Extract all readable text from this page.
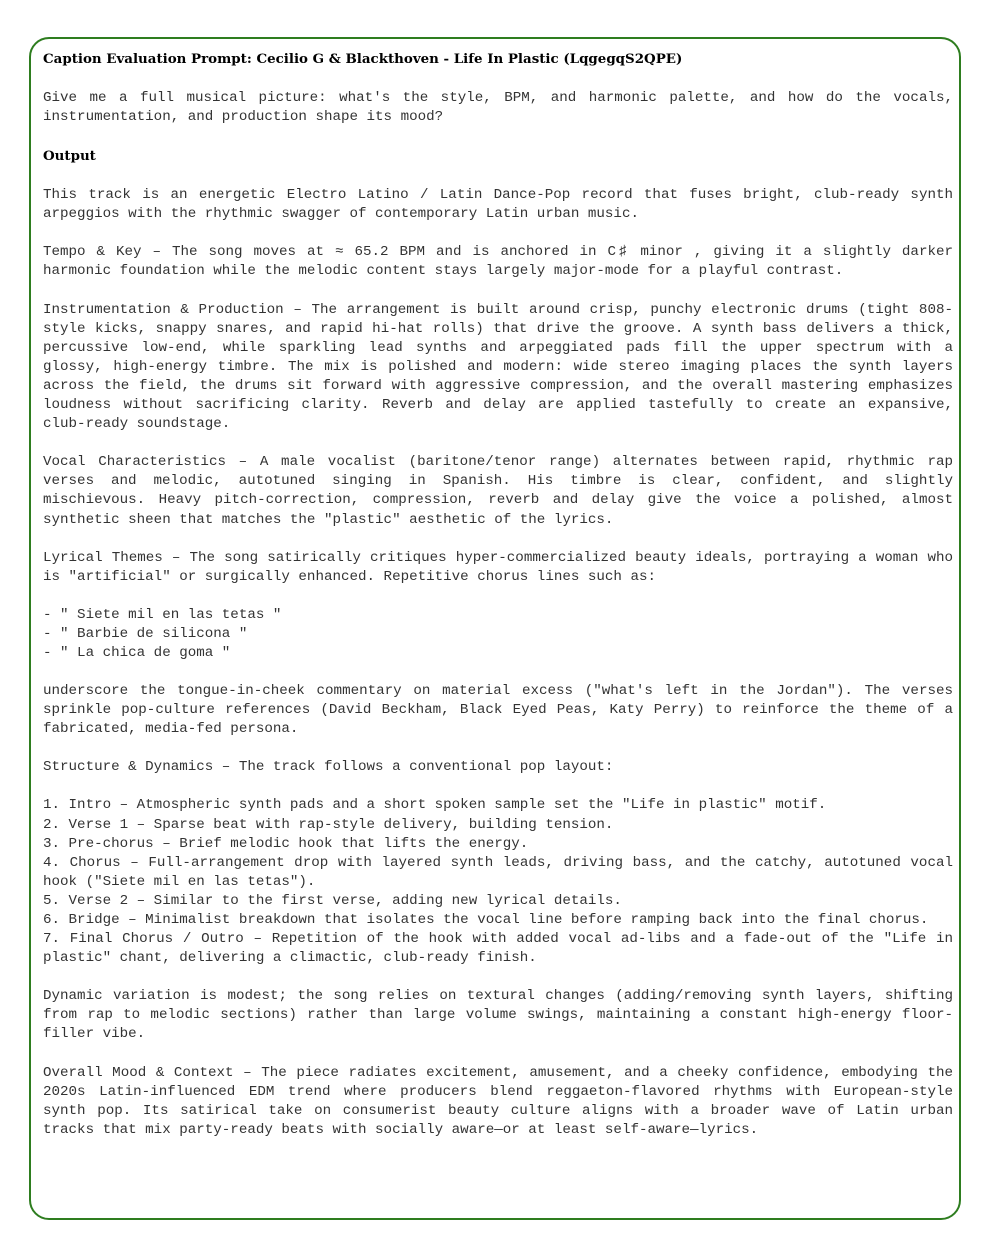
Caption Evaluation Prompt: Cecilio G & Blackthoven - Life In Plastic (LqgegqS2QPE)

Give me a full musical picture: what's the style, BPM, and harmonic palette, and how do the vocals, instrumentation, and production shape its mood?

Output

This track is an energetic Electro Latino / Latin Dance-Pop record that fuses bright, club-ready synth arpeggios with the rhythmic swagger of contemporary Latin urban music.

Tempo & Key – The song moves at ≈ 65.2 BPM and is anchored in C♯ minor , giving it a slightly darker harmonic foundation while the melodic content stays largely major-mode for a playful contrast.

Instrumentation & Production – The arrangement is built around crisp, punchy electronic drums (tight 808-style kicks, snappy snares, and rapid hi-hat rolls) that drive the groove. A synth bass delivers a thick, percussive low-end, while sparkling lead synths and arpeggiated pads fill the upper spectrum with a glossy, high-energy timbre. The mix is polished and modern: wide stereo imaging places the synth layers across the field, the drums sit forward with aggressive compression, and the overall mastering emphasizes loudness without sacrificing clarity. Reverb and delay are applied tastefully to create an expansive, club-ready soundstage.

Vocal Characteristics – A male vocalist (baritone/tenor range) alternates between rapid, rhythmic rap verses and melodic, autotuned singing in Spanish. His timbre is clear, confident, and slightly mischievous. Heavy pitch-correction, compression, reverb and delay give the voice a polished, almost synthetic sheen that matches the "plastic" aesthetic of the lyrics.

Lyrical Themes – The song satirically critiques hyper-commercialized beauty ideals, portraying a woman who is "artificial" or surgically enhanced. Repetitive chorus lines such as:

- " Siete mil en las tetas "

- " Barbie de silicona "

- " La chica de goma "

underscore the tongue-in-cheek commentary on material excess ("what's left in the Jordan"). The verses sprinkle pop-culture references (David Beckham, Black Eyed Peas, Katy Perry) to reinforce the theme of a fabricated, media-fed persona.

Structure & Dynamics – The track follows a conventional pop layout:

1. Intro – Atmospheric synth pads and a short spoken sample set the "Life in plastic" motif.

2. Verse 1 – Sparse beat with rap-style delivery, building tension.

3. Pre-chorus – Brief melodic hook that lifts the energy.

4. Chorus – Full-arrangement drop with layered synth leads, driving bass, and the catchy, autotuned vocal hook ("Siete mil en las tetas").

5. Verse 2 – Similar to the first verse, adding new lyrical details.

6. Bridge – Minimalist breakdown that isolates the vocal line before ramping back into the final chorus.

7. Final Chorus / Outro – Repetition of the hook with added vocal ad-libs and a fade-out of the "Life in plastic" chant, delivering a climactic, club-ready finish.

Dynamic variation is modest; the song relies on textural changes (adding/removing synth layers, shifting from rap to melodic sections) rather than large volume swings, maintaining a constant high-energy floor-filler vibe.

Overall Mood & Context – The piece radiates excitement, amusement, and a cheeky confidence, embodying the 2020s Latin-influenced EDM trend where producers blend reggaeton-flavored rhythms with European-style synth pop. Its satirical take on consumerist beauty culture aligns with a broader wave of Latin urban tracks that mix party-ready beats with socially aware—or at least self-aware—lyrics.
